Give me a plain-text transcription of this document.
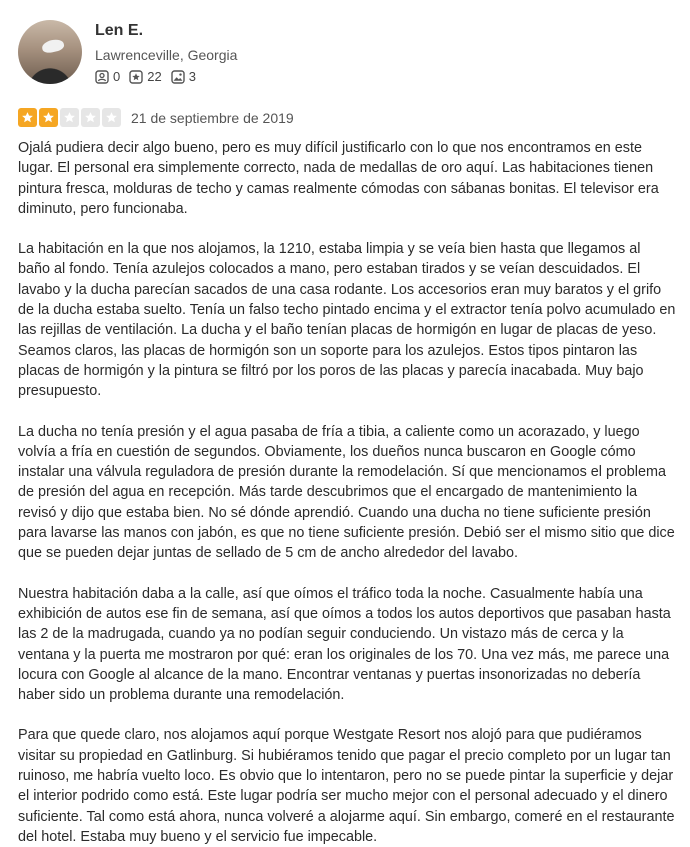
Len E.
Lawrenceville, Georgia
0 22 3
21 de septiembre de 2019

Ojalá pudiera decir algo bueno, pero es muy difícil justificarlo con lo que nos encontramos en este lugar. El personal era simplemente correcto, nada de medallas de oro aquí. Las habitaciones tienen pintura fresca, molduras de techo y camas realmente cómodas con sábanas bonitas. El televisor era diminuto, pero funcionaba.

La habitación en la que nos alojamos, la 1210, estaba limpia y se veía bien hasta que llegamos al baño al fondo. Tenía azulejos colocados a mano, pero estaban tirados y se veían descuidados. El lavabo y la ducha parecían sacados de una casa rodante. Los accesorios eran muy baratos y el grifo de la ducha estaba suelto. Tenía un falso techo pintado encima y el extractor tenía polvo acumulado en las rejillas de ventilación. La ducha y el baño tenían placas de hormigón en lugar de placas de yeso. Seamos claros, las placas de hormigón son un soporte para los azulejos. Estos tipos pintaron las placas de hormigón y la pintura se filtró por los poros de las placas y parecía inacabada. Muy bajo presupuesto.

La ducha no tenía presión y el agua pasaba de fría a tibia, a caliente como un acorazado, y luego volvía a fría en cuestión de segundos. Obviamente, los dueños nunca buscaron en Google cómo instalar una válvula reguladora de presión durante la remodelación. Sí que mencionamos el problema de presión del agua en recepción. Más tarde descubrimos que el encargado de mantenimiento la revisó y dijo que estaba bien. No sé dónde aprendió. Cuando una ducha no tiene suficiente presión para lavarse las manos con jabón, es que no tiene suficiente presión. Debió ser el mismo sitio que dice que se pueden dejar juntas de sellado de 5 cm de ancho alrededor del lavabo.

Nuestra habitación daba a la calle, así que oímos el tráfico toda la noche. Casualmente había una exhibición de autos ese fin de semana, así que oímos a todos los autos deportivos que pasaban hasta las 2 de la madrugada, cuando ya no podían seguir conduciendo. Un vistazo más de cerca y la ventana y la puerta me mostraron por qué: eran los originales de los 70. Una vez más, me parece una locura con Google al alcance de la mano. Encontrar ventanas y puertas insonorizadas no debería haber sido un problema durante una remodelación.

Para que quede claro, nos alojamos aquí porque Westgate Resort nos alojó para que pudiéramos visitar su propiedad en Gatlinburg. Si hubiéramos tenido que pagar el precio completo por un lugar tan ruinoso, me habría vuelto loco. Es obvio que lo intentaron, pero no se puede pintar la superficie y dejar el interior podrido como está. Este lugar podría ser mucho mejor con el personal adecuado y el dinero suficiente. Tal como está ahora, nunca volveré a alojarme aquí. Sin embargo, comeré en el restaurante del hotel. Estaba muy bueno y el servicio fue impecable.
